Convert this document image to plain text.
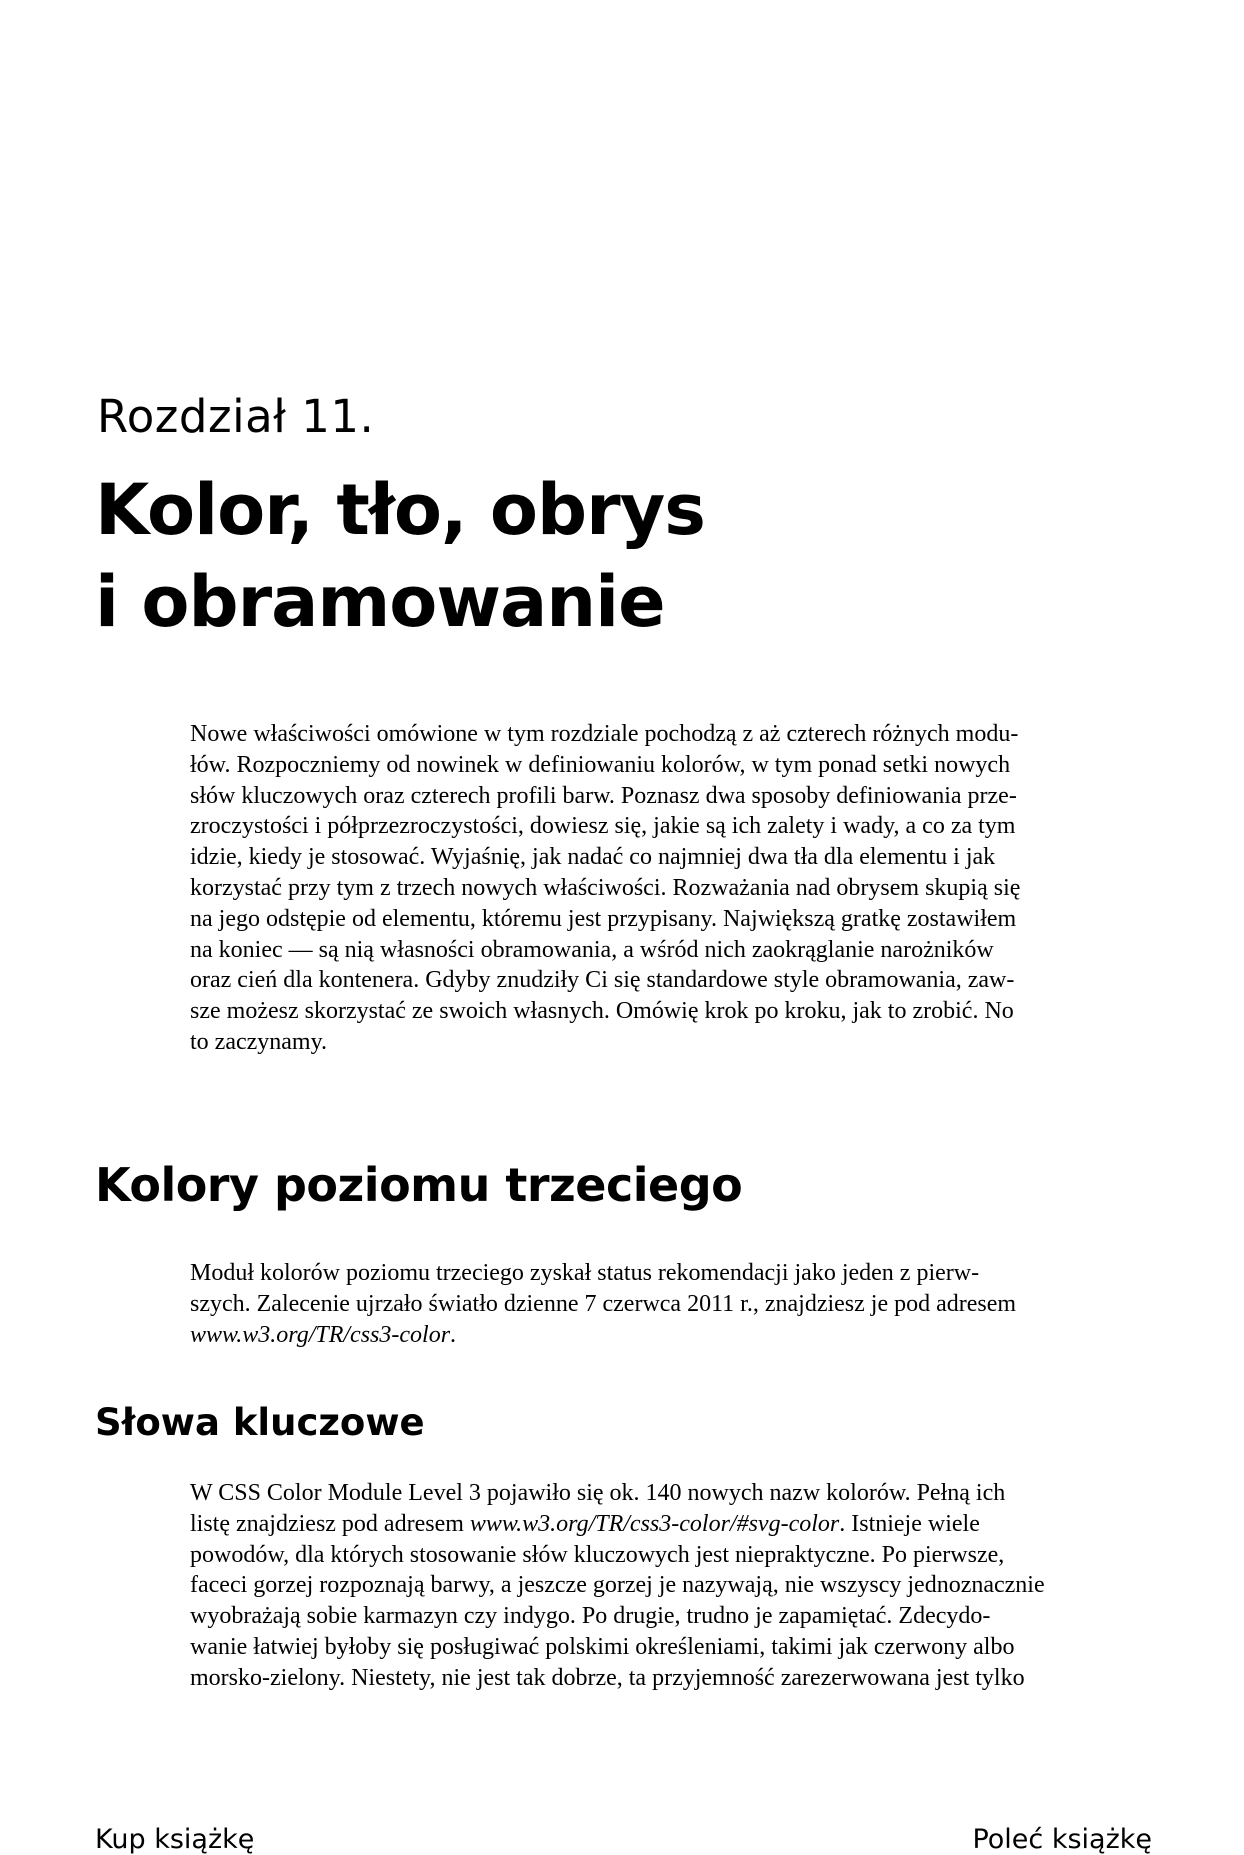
Rozdział 11.

Kolor, tło, obrys
i obramowanie

Nowe właściwości omówione w tym rozdziale pochodzą z aż czterech różnych modu-
łów. Rozpoczniemy od nowinek w definiowaniu kolorów, w tym ponad setki nowych
słów kluczowych oraz czterech profili barw. Poznasz dwa sposoby definiowania prze-
zroczystości i półprzezroczystości, dowiesz się, jakie są ich zalety i wady, a co za tym
idzie, kiedy je stosować. Wyjaśnię, jak nadać co najmniej dwa tła dla elementu i jak
korzystać przy tym z trzech nowych właściwości. Rozważania nad obrysem skupią się
na jego odstępie od elementu, któremu jest przypisany. Największą gratkę zostawiłem
na koniec — są nią własności obramowania, a wśród nich zaokrąglanie narożników
oraz cień dla kontenera. Gdyby znudziły Ci się standardowe style obramowania, zaw-
sze możesz skorzystać ze swoich własnych. Omówię krok po kroku, jak to zrobić. No
to zaczynamy.

Kolory poziomu trzeciego

Moduł kolorów poziomu trzeciego zyskał status rekomendacji jako jeden z pierw-
szych. Zalecenie ujrzało światło dzienne 7 czerwca 2011 r., znajdziesz je pod adresem
www.w3.org/TR/css3-color.

Słowa kluczowe

W CSS Color Module Level 3 pojawiło się ok. 140 nowych nazw kolorów. Pełną ich
listę znajdziesz pod adresem www.w3.org/TR/css3-color/#svg-color. Istnieje wiele
powodów, dla których stosowanie słów kluczowych jest niepraktyczne. Po pierwsze,
faceci gorzej rozpoznają barwy, a jeszcze gorzej je nazywają, nie wszyscy jednoznacznie
wyobrażają sobie karmazyn czy indygo. Po drugie, trudno je zapamiętać. Zdecydo-
wanie łatwiej byłoby się posługiwać polskimi określeniami, takimi jak czerwony albo
morsko-zielony. Niestety, nie jest tak dobrze, ta przyjemność zarezerwowana jest tylko

Kup książkę	Poleć książkę
